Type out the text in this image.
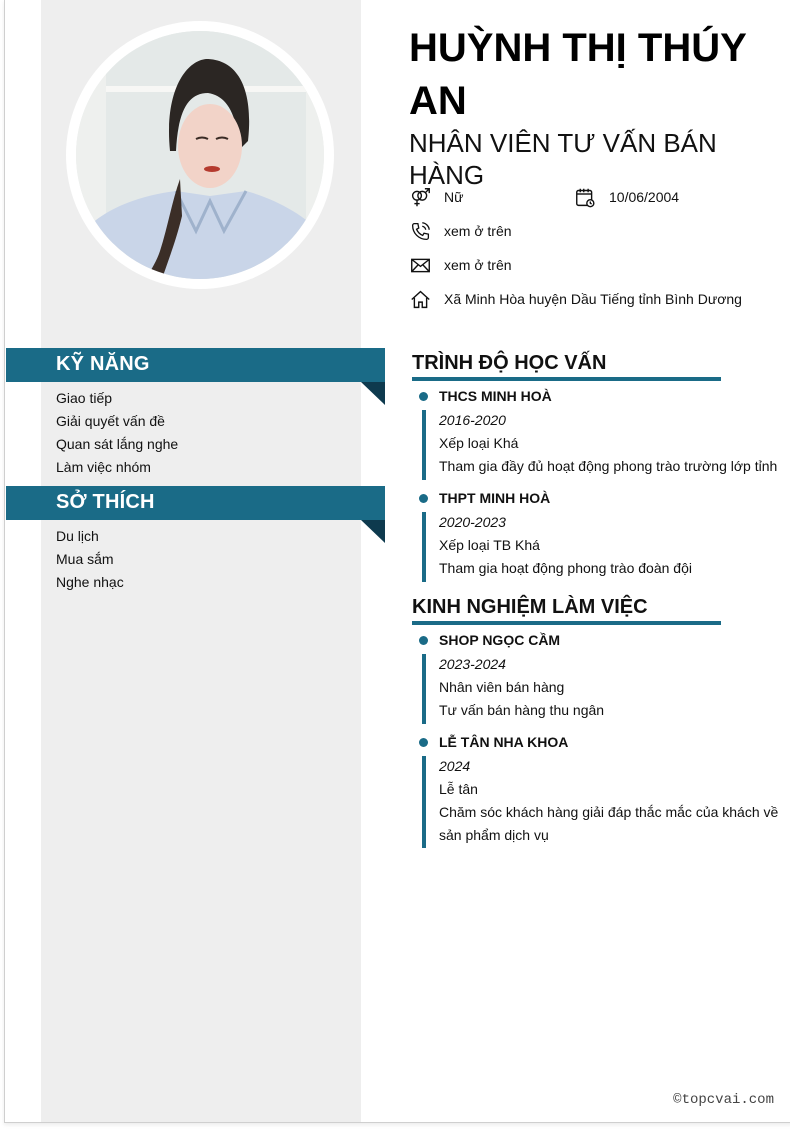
KỸ NĂNG
Giao tiếp
Giải quyết vấn đề
Quan sát lắng nghe
Làm việc nhóm
SỞ THÍCH
Du lịch
Mua sắm
Nghe nhạc
HUỲNH THỊ THÚY AN
NHÂN VIÊN TƯ VẤN BÁN HÀNG
Nữ	10/06/2004
xem ở trên
xem ở trên
Xã Minh Hòa huyện Dầu Tiếng tỉnh Bình Dương
TRÌNH ĐỘ HỌC VẤN
THCS MINH HOÀ
2016-2020
Xếp loại Khá
Tham gia đầy đủ hoạt động phong trào trường lớp tỉnh
THPT MINH HOÀ
2020-2023
Xếp loại TB Khá
Tham gia hoạt động phong trào đoàn đội
KINH NGHIỆM LÀM VIỆC
SHOP NGỌC CẦM
2023-2024
Nhân viên bán hàng
Tư vấn bán hàng thu ngân
LỄ TÂN NHA KHOA
2024
Lễ tân
Chăm sóc khách hàng giải đáp thắc mắc của khách về sản phẩm dịch vụ
©topcvai.com
